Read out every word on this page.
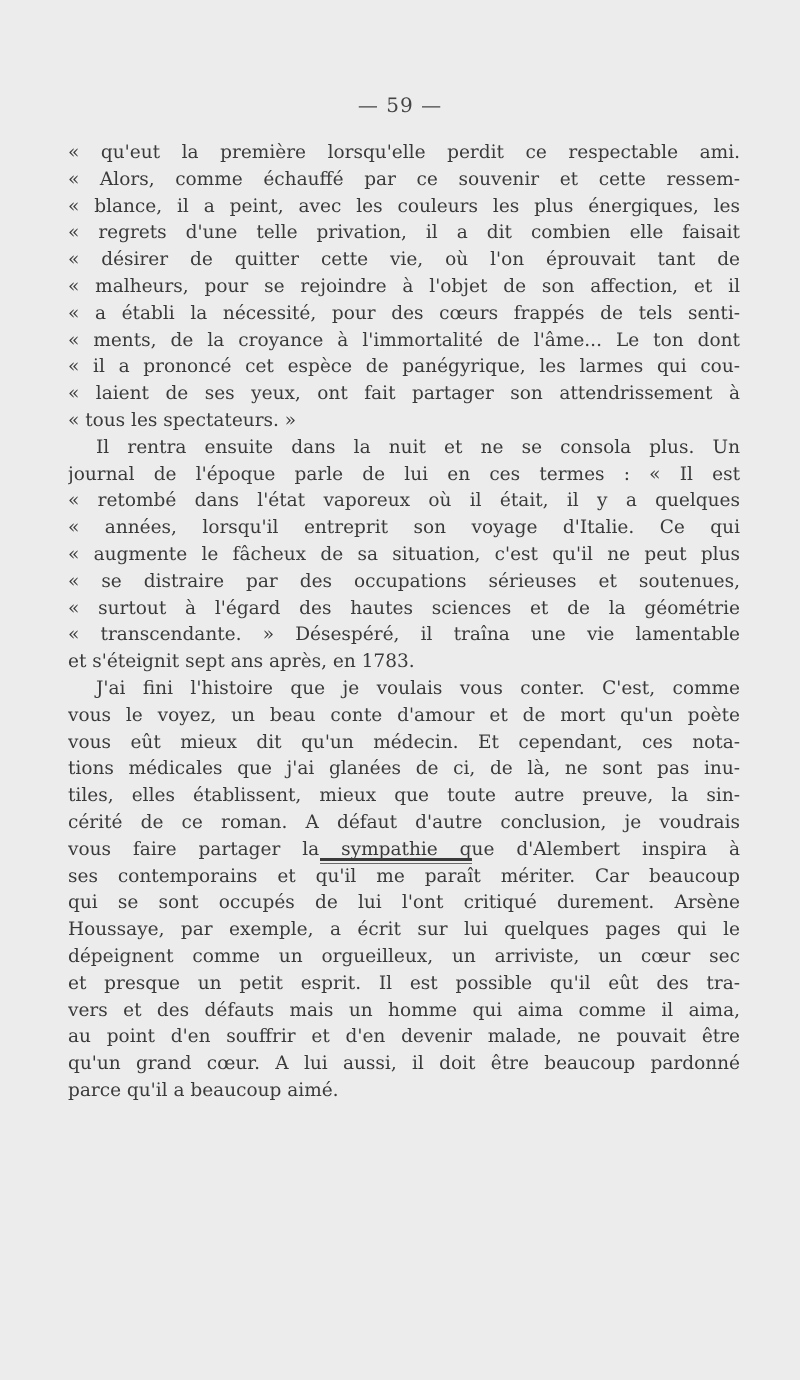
— 59 —
« qu'eut la première lorsqu'elle perdit ce respectable ami.
« Alors, comme échauffé par ce souvenir et cette ressem-
« blance, il a peint, avec les couleurs les plus énergiques, les
« regrets d'une telle privation, il a dit combien elle faisait
« désirer de quitter cette vie, où l'on éprouvait tant de
« malheurs, pour se rejoindre à l'objet de son affection, et il
« a établi la nécessité, pour des cœurs frappés de tels senti-
« ments, de la croyance à l'immortalité de l'âme... Le ton dont
« il a prononcé cet espèce de panégyrique, les larmes qui cou-
« laient de ses yeux, ont fait partager son attendrissement à
« tous les spectateurs. »
Il rentra ensuite dans la nuit et ne se consola plus. Un
journal de l'époque parle de lui en ces termes : « Il est
« retombé dans l'état vaporeux où il était, il y a quelques
« années, lorsqu'il entreprit son voyage d'Italie. Ce qui
« augmente le fâcheux de sa situation, c'est qu'il ne peut plus
« se distraire par des occupations sérieuses et soutenues,
« surtout à l'égard des hautes sciences et de la géométrie
« transcendante. » Désespéré, il traîna une vie lamentable
et s'éteignit sept ans après, en 1783.
J'ai fini l'histoire que je voulais vous conter. C'est, comme
vous le voyez, un beau conte d'amour et de mort qu'un poète
vous eût mieux dit qu'un médecin. Et cependant, ces nota-
tions médicales que j'ai glanées de ci, de là, ne sont pas inu-
tiles, elles établissent, mieux que toute autre preuve, la sin-
cérité de ce roman. A défaut d'autre conclusion, je voudrais
vous faire partager la sympathie que d'Alembert inspira à
ses contemporains et qu'il me paraît mériter. Car beaucoup
qui se sont occupés de lui l'ont critiqué durement. Arsène
Houssaye, par exemple, a écrit sur lui quelques pages qui le
dépeignent comme un orgueilleux, un arriviste, un cœur sec
et presque un petit esprit. Il est possible qu'il eût des tra-
vers et des défauts mais un homme qui aima comme il aima,
au point d'en souffrir et d'en devenir malade, ne pouvait être
qu'un grand cœur. A lui aussi, il doit être beaucoup pardonné
parce qu'il a beaucoup aimé.
